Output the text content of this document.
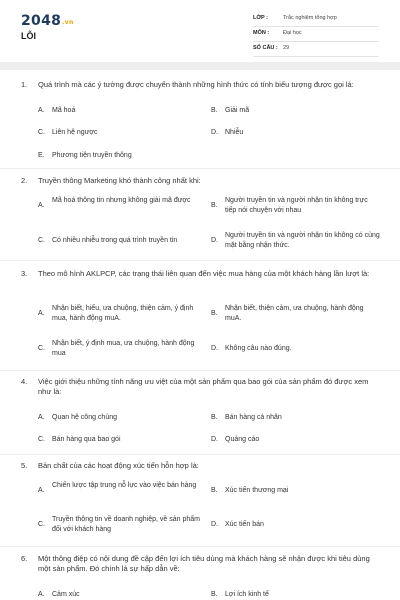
2048.vn
LỖI
LỚP :	Trắc nghiệm tổng hợp
MÔN :	Đại học
SỐ CÂU : 29
1. Quá trình mà các ý tưởng được chuyển thành những hình thức có tính biểu tượng được gọi là:
A. Mã hoá	B. Giải mã
C. Liên hệ ngược	D. Nhiễu
E. Phương tiện truyền thông
2. Truyền thông Marketing khó thành công nhất khi:
A.
Mã hoá thông tin nhưng không giải mã được
B.
Người truyền tin và người nhận tin không trực tiếp nói chuyện với nhau
C. Có nhiều nhiễu trong quá trình truyền tin	D.
Người truyền tin và người nhận tin không có cùng mặt bằng nhận thức.
3. Theo mô hình AKLPCP, các trạng thái liên quan đến việc mua hàng của một khách hàng lần lượt là:
A.
Nhận biết, hiểu, ưa chuộng, thiện cảm, ý định mua, hành động muA.
B.
Nhận biết, thiện cảm, ưa chuộng, hành động muA.
C.
Nhận biết, ý định mua, ưa chuộng, hành động mua
D. Không câu nào đúng.
4. Việc giới thiệu những tính năng ưu việt của một sản phẩm qua bao gói của sản phẩm đó được xem như là:
A. Quan hệ công chúng	B. Bán hàng cá nhân
C. Bán hàng qua bao gói	D. Quảng cáo
5. Bản chất của các hoạt động xúc tiến hỗn hợp là:
A.
Chiến lược tập trung nỗ lực vào việc bán hàng
B. Xúc tiến thương mại
C.
Truyền thông tin về doanh nghiệp, về sản phẩm đối với khách hàng
D. Xúc tiến bán
6. Một thông điệp có nội dung đề cập đến lợi ích tiêu dùng mà khách hàng sẽ nhận được khi tiêu dùng một sản phẩm. Đó chính là sự hấp dẫn về:
A. Cảm xúc	B. Lợi ích kinh tế
